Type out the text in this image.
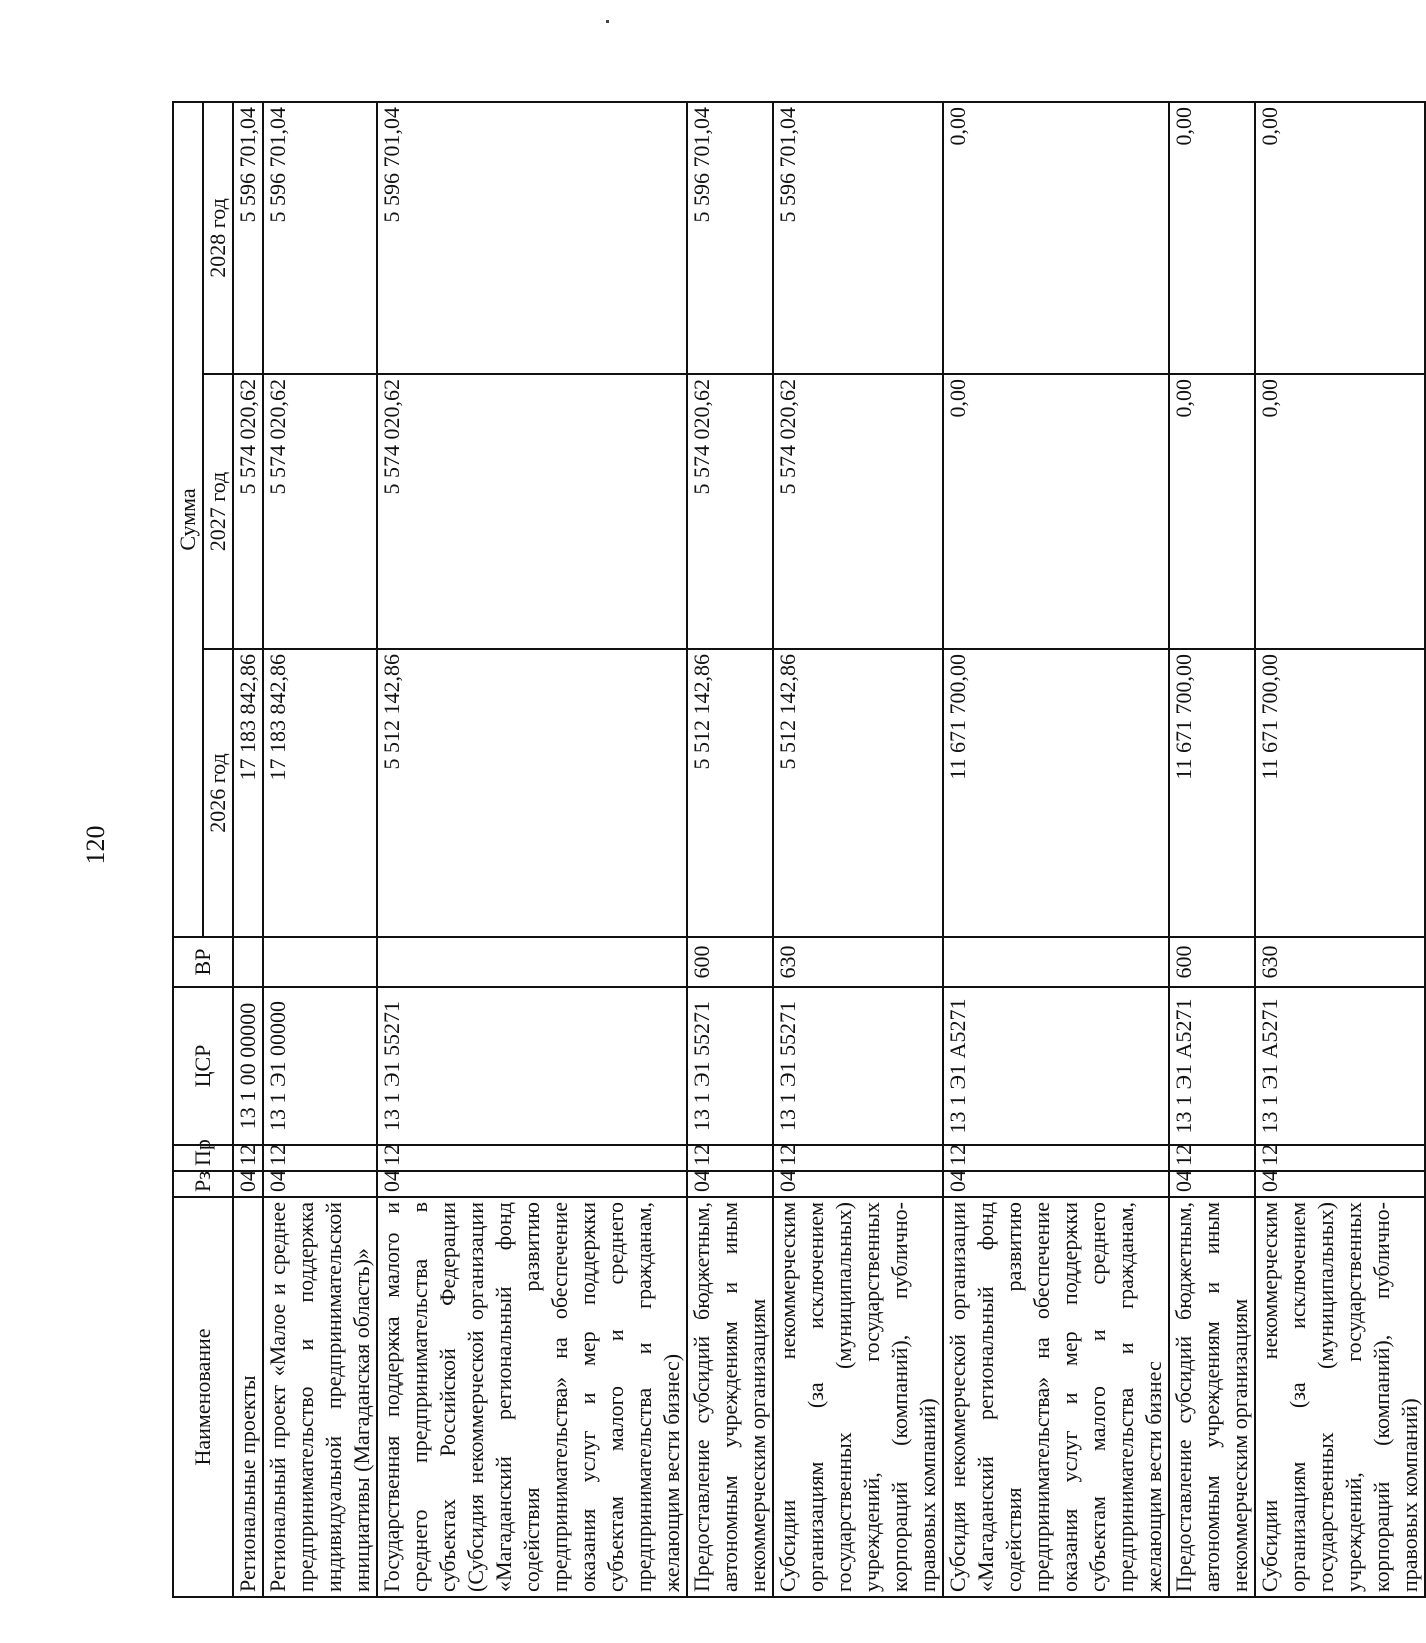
120
Наименование	Рз	Пр	ЦСР	ВР	Сумма		
					2026 год	2027 год	2028 год
Региональные проекты	04	12	13 1 00 00000		17 183 842,86	5 574 020,62	5 596 701,04
Региональный проект «Малое и среднее предпринимательство и поддержка индивидуальной предпринимательской инициативы (Магаданская область)»	04	12	13 1 Э1 00000		17 183 842,86	5 574 020,62	5 596 701,04
Государственная поддержка малого и среднего предпринимательства в субъектах Российской Федерации (Субсидия некоммерческой организации «Магаданский региональный фонд содействия развитию предпринимательства» на обеспечение оказания услуг и мер поддержки субъектам малого и среднего предпринимательства и гражданам, желающим вести бизнес)	04	12	13 1 Э1 55271		5 512 142,86	5 574 020,62	5 596 701,04
Предоставление субсидий бюджетным, автономным учреждениям и иным некоммерческим организациям	04	12	13 1 Э1 55271	600	5 512 142,86	5 574 020,62	5 596 701,04
Субсидии некоммерческим организациям (за исключением государственных (муниципальных) учреждений, государственных корпораций (компаний), публично-правовых компаний)	04	12	13 1 Э1 55271	630	5 512 142,86	5 574 020,62	5 596 701,04
Субсидия некоммерческой организации «Магаданский региональный фонд содействия развитию предпринимательства» на обеспечение оказания услуг и мер поддержки субъектам малого и среднего предпринимательства и гражданам, желающим вести бизнес	04	12	13 1 Э1 А5271		11 671 700,00	0,00	0,00
Предоставление субсидий бюджетным, автономным учреждениям и иным некоммерческим организациям	04	12	13 1 Э1 А5271	600	11 671 700,00	0,00	0,00
Субсидии некоммерческим организациям (за исключением государственных (муниципальных) учреждений, государственных корпораций (компаний), публично-правовых компаний)	04	12	13 1 Э1 А5271	630	11 671 700,00	0,00	0,00
